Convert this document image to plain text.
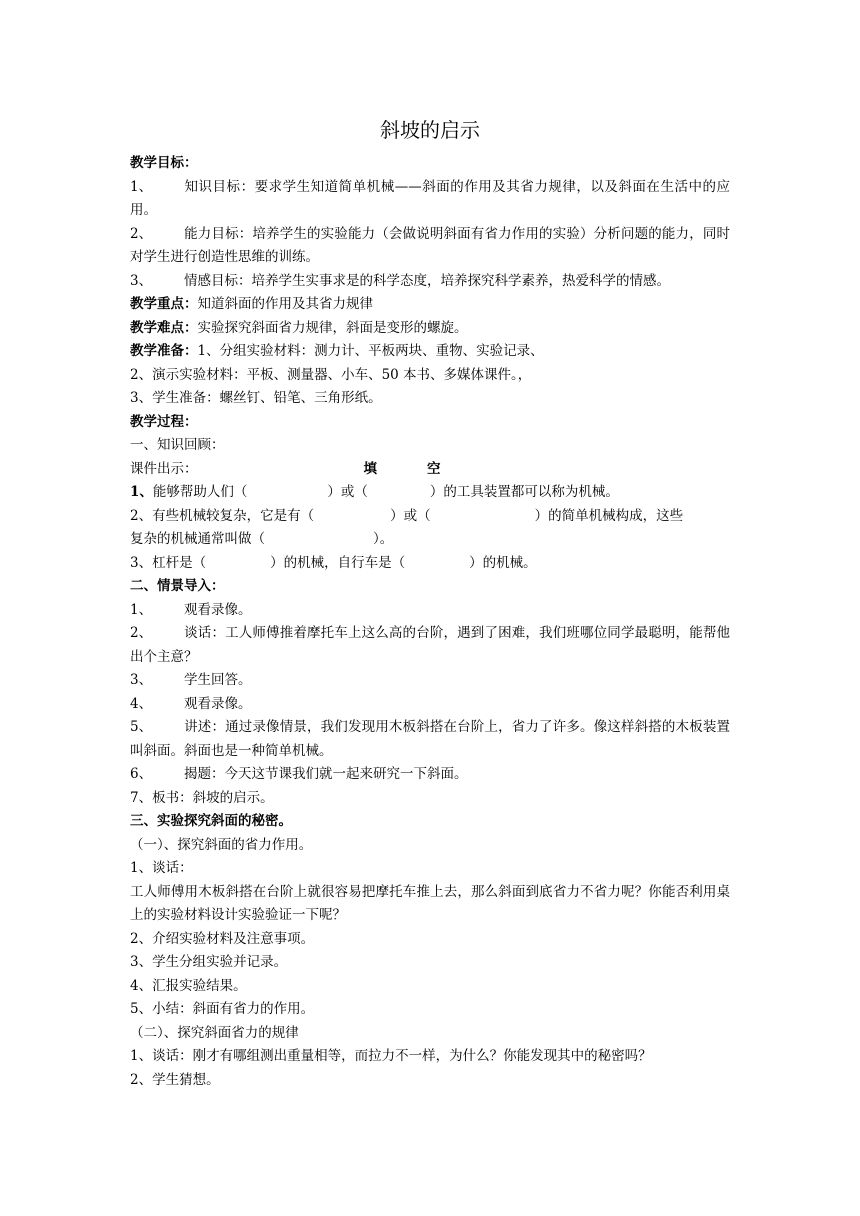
斜坡的启示
教学目标：
1、 知识目标：要求学生知道简单机械——斜面的作用及其省力规律，以及斜面在生活中的应用。
2、 能力目标：培养学生的实验能力（会做说明斜面有省力作用的实验）分析问题的能力，同时对学生进行创造性思维的训练。
3、 情感目标：培养学生实事求是的科学态度，培养探究科学素养，热爱科学的情感。
教学重点：知道斜面的作用及其省力规律
教学难点：实验探究斜面省力规律，斜面是变形的螺旋。
教学准备：1、分组实验材料：测力计、平板两块、重物、实验记录、
2、演示实验材料：平板、测量器、小车、50 本书、多媒体课件。，
3、学生准备：螺丝钉、铅笔、三角形纸。
教学过程：
一、知识回顾：
课件出示：	填	空
1、能够帮助人们（	）或（	）的工具装置都可以称为机械。
2、有些机械较复杂，它是有（	）或（	）的简单机械构成，这些
复杂的机械通常叫做（	）。
3、杠杆是（	）的机械，自行车是（	）的机械。
二、情景导入：
1、 观看录像。
2、 谈话：工人师傅推着摩托车上这么高的台阶，遇到了困难，我们班哪位同学最聪明，能帮他出个主意？
3、 学生回答。
4、 观看录像。
5、 讲述：通过录像情景，我们发现用木板斜搭在台阶上，省力了许多。像这样斜搭的木板装置叫斜面。斜面也是一种简单机械。
6、 揭题：今天这节课我们就一起来研究一下斜面。
7、板书：斜坡的启示。
三、实验探究斜面的秘密。
（一）、探究斜面的省力作用。
1、谈话：
工人师傅用木板斜搭在台阶上就很容易把摩托车推上去，那么斜面到底省力不省力呢？你能否利用桌上的实验材料设计实验验证一下呢？
2、介绍实验材料及注意事项。
3、学生分组实验并记录。
4、汇报实验结果。
5、小结：斜面有省力的作用。
（二）、探究斜面省力的规律
1、谈话：刚才有哪组测出重量相等，而拉力不一样，为什么？你能发现其中的秘密吗？
2、学生猜想。
